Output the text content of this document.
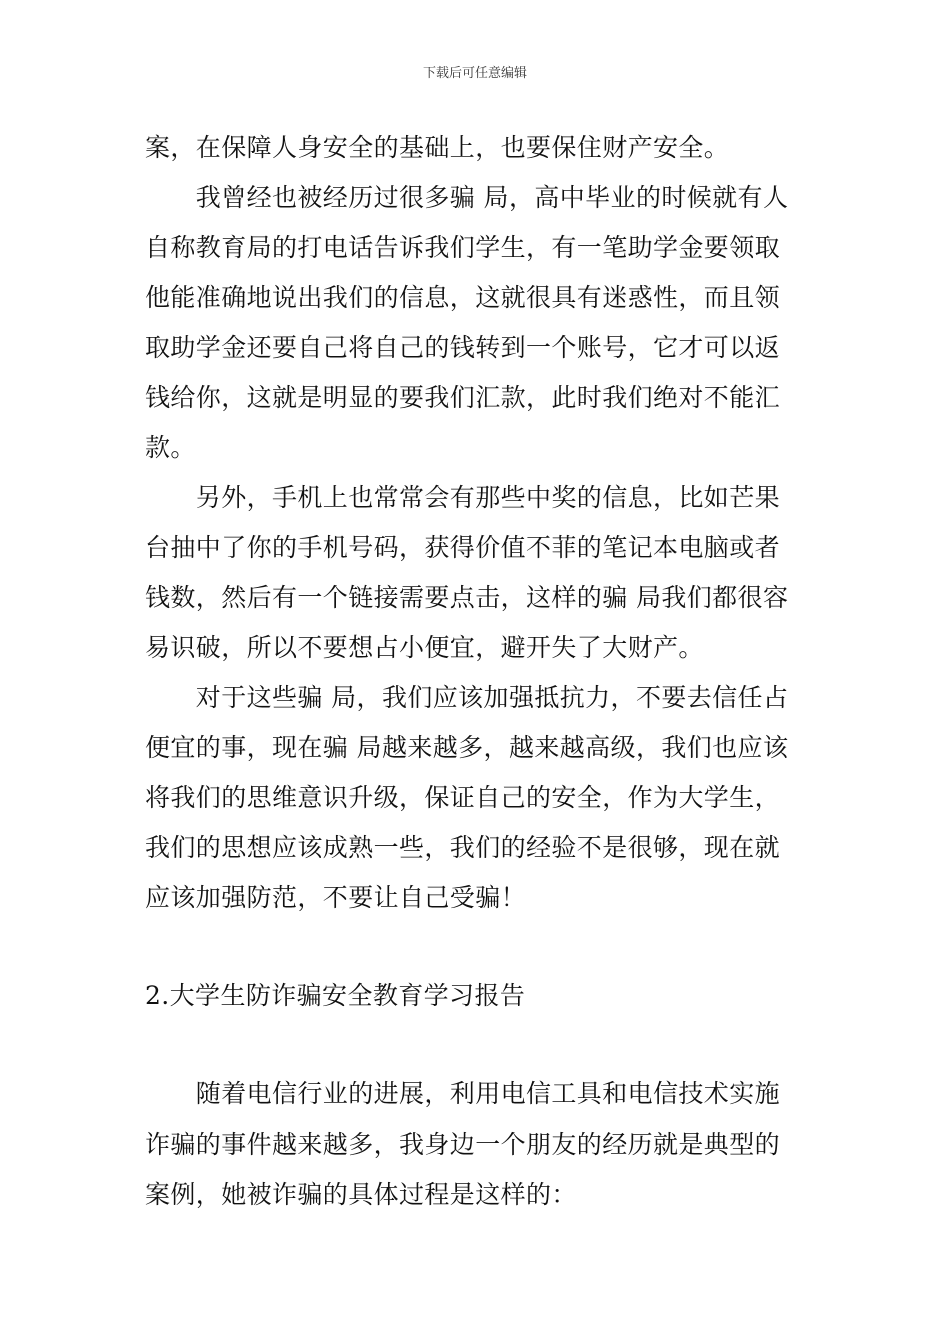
下载后可任意编辑
案，在保障人身安全的基础上，也要保住财产安全。
　　我曾经也被经历过很多骗 局，高中毕业的时候就有人
自称教育局的打电话告诉我们学生，有一笔助学金要领取
他能准确地说出我们的信息，这就很具有迷惑性，而且领
取助学金还要自己将自己的钱转到一个账号，它才可以返
钱给你，这就是明显的要我们汇款，此时我们绝对不能汇
款。
　　另外，手机上也常常会有那些中奖的信息，比如芒果
台抽中了你的手机号码，获得价值不菲的笔记本电脑或者
钱数，然后有一个链接需要点击，这样的骗 局我们都很容
易识破，所以不要想占小便宜，避开失了大财产。
　　对于这些骗 局，我们应该加强抵抗力，不要去信任占
便宜的事，现在骗 局越来越多，越来越高级，我们也应该
将我们的思维意识升级，保证自己的安全，作为大学生，
我们的思想应该成熟一些，我们的经验不是很够，现在就
应该加强防范，不要让自己受骗！
2.大学生防诈骗安全教育学习报告
　　随着电信行业的进展，利用电信工具和电信技术实施
诈骗的事件越来越多，我身边一个朋友的经历就是典型的
案例，她被诈骗的具体过程是这样的：
